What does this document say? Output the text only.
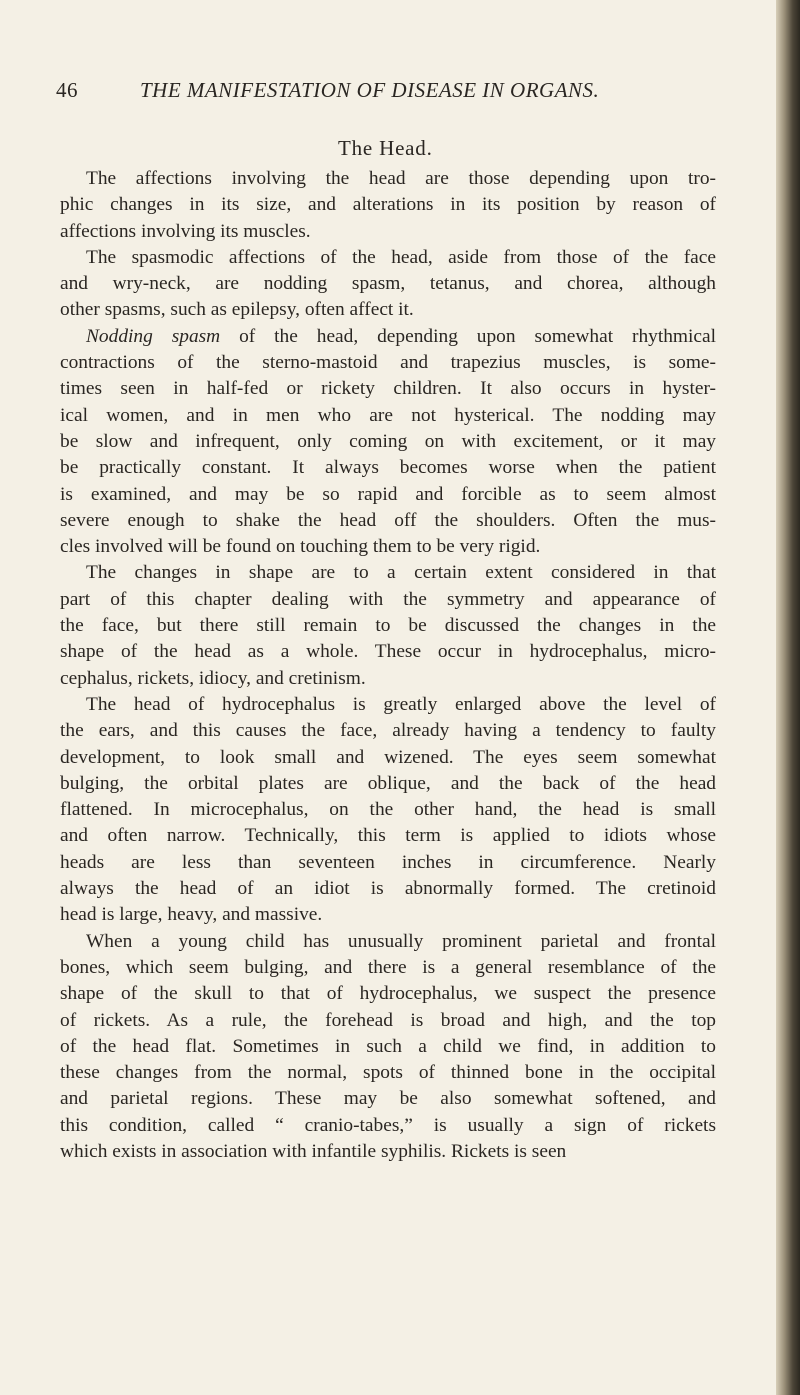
46	THE MANIFESTATION OF DISEASE IN ORGANS.
The Head.
The affections involving the head are those depending upon tro-
phic changes in its size, and alterations in its position by reason of
affections involving its muscles.
The spasmodic affections of the head, aside from those of the face
and wry-neck, are nodding spasm, tetanus, and chorea, although
other spasms, such as epilepsy, often affect it.
Nodding spasm of the head, depending upon somewhat rhythmical
contractions of the sterno-mastoid and trapezius muscles, is some-
times seen in half-fed or rickety children. It also occurs in hyster-
ical women, and in men who are not hysterical. The nodding may
be slow and infrequent, only coming on with excitement, or it may
be practically constant. It always becomes worse when the patient
is examined, and may be so rapid and forcible as to seem almost
severe enough to shake the head off the shoulders. Often the mus-
cles involved will be found on touching them to be very rigid.
The changes in shape are to a certain extent considered in that
part of this chapter dealing with the symmetry and appearance of
the face, but there still remain to be discussed the changes in the
shape of the head as a whole. These occur in hydrocephalus, micro-
cephalus, rickets, idiocy, and cretinism.
The head of hydrocephalus is greatly enlarged above the level of
the ears, and this causes the face, already having a tendency to faulty
development, to look small and wizened. The eyes seem somewhat
bulging, the orbital plates are oblique, and the back of the head
flattened. In microcephalus, on the other hand, the head is small
and often narrow. Technically, this term is applied to idiots whose
heads are less than seventeen inches in circumference. Nearly
always the head of an idiot is abnormally formed. The cretinoid
head is large, heavy, and massive.
When a young child has unusually prominent parietal and frontal
bones, which seem bulging, and there is a general resemblance of the
shape of the skull to that of hydrocephalus, we suspect the presence
of rickets. As a rule, the forehead is broad and high, and the top
of the head flat. Sometimes in such a child we find, in addition to
these changes from the normal, spots of thinned bone in the occipital
and parietal regions. These may be also somewhat softened, and
this condition, called “ cranio-tabes,” is usually a sign of rickets
which exists in association with infantile syphilis. Rickets is seen
